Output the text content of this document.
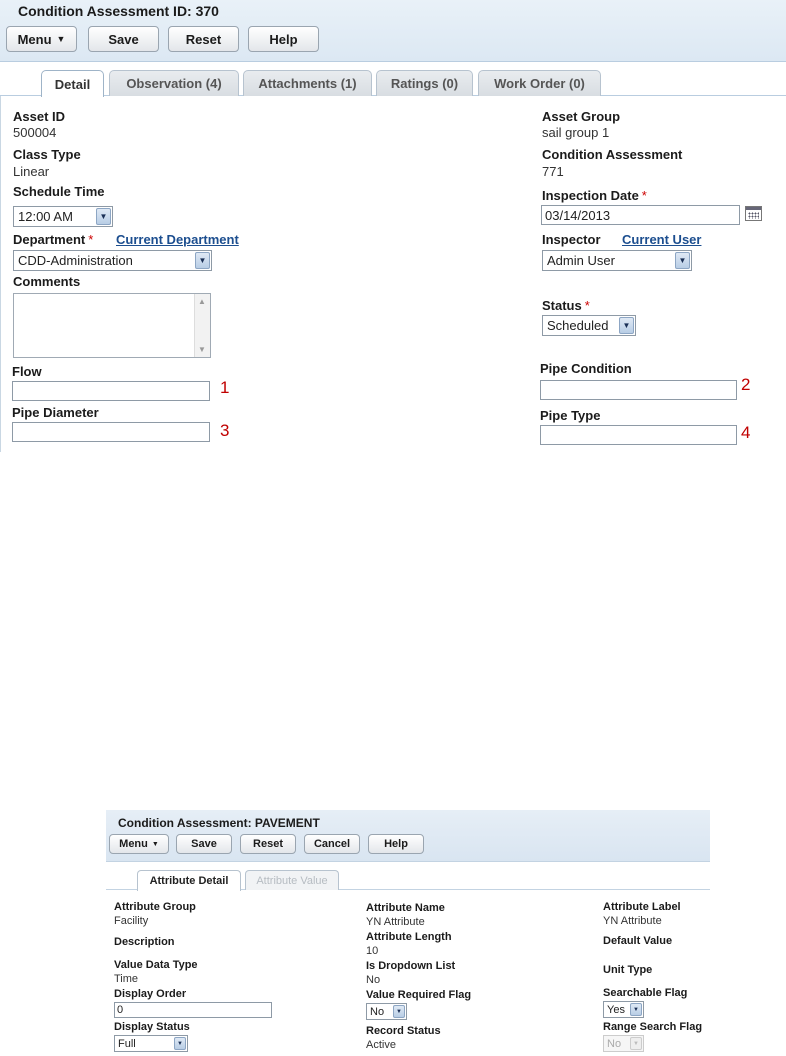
Condition Assessment ID: 370
Menu ▼	Save	Reset	Help
Detail	Observation (4)	Attachments (1)	Ratings (0)	Work Order (0)
Asset ID
500004
Class Type
Linear
Schedule Time
12:00 AM	▼
Department * Current Department
CDD-Administration	▼
Comments
▲
▼
Flow
1
Pipe Diameter
3
Asset Group
sail group 1
Condition Assessment
771
Inspection Date *
03/14/2013
Inspector Current User
Admin User	▼
Status *
Scheduled	▼
Pipe Condition
2
Pipe Type
4
Condition Assessment: PAVEMENT
Menu ▼	Save	Reset	Cancel	Help
Attribute Detail	Attribute Value
Attribute Group
Facility
Description
Value Data Type
Time
Display Order
0
Display Status
Full	▼
Attribute Name
YN Attribute
Attribute Length
10
Is Dropdown List
No
Value Required Flag
No	▼
Record Status
Active
Attribute Label
YN Attribute
Default Value
Unit Type
Searchable Flag
Yes	▼
Range Search Flag
No	▼
